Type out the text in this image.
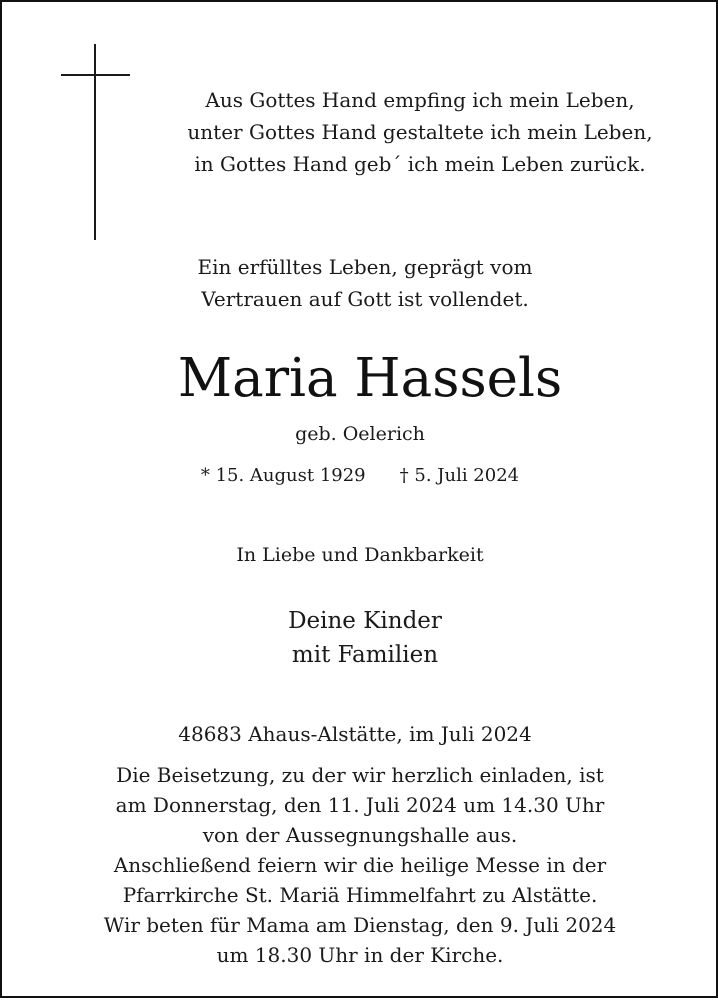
Aus Gottes Hand empfing ich mein Leben,
unter Gottes Hand gestaltete ich mein Leben,
in Gottes Hand geb´ ich mein Leben zurück.
Ein erfülltes Leben, geprägt vom
Vertrauen auf Gott ist vollendet.
Maria Hassels
geb. Oelerich
* 15. August 1929 † 5. Juli 2024
In Liebe und Dankbarkeit
Deine Kinder
mit Familien
48683 Ahaus-Alstätte, im Juli 2024
Die Beisetzung, zu der wir herzlich einladen, ist
am Donnerstag, den 11. Juli 2024 um 14.30 Uhr
von der Aussegnungshalle aus.
Anschließend feiern wir die heilige Messe in der
Pfarrkirche St. Mariä Himmelfahrt zu Alstätte.
Wir beten für Mama am Dienstag, den 9. Juli 2024
um 18.30 Uhr in der Kirche.
